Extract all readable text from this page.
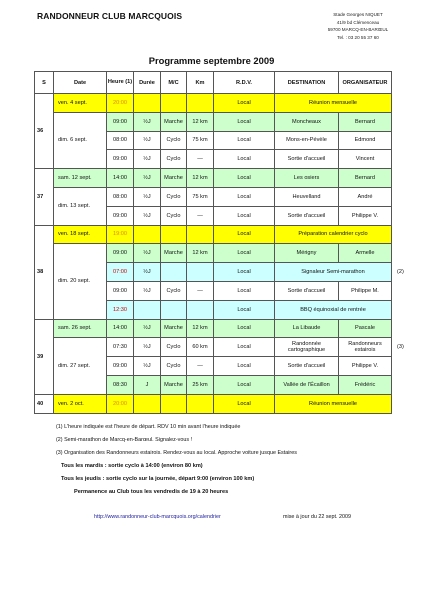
RANDONNEUR CLUB MARCQUOIS	Stade Georges NIQUET
41/9 bd Clémenceau
59700 MARCQ-EN-BARŒUL
Tel. : 03 20 55 37 60
Programme septembre 2009
S	Date	Heure (1)	Durée	M/C	Km	R.D.V.	DESTINATION	ORGANISATEUR
36	ven. 4 sept.	20:00				Local	Réunion mensuelle	
	dim. 6 sept.	09:00	½J	Marche	12 km	Local	Moncheaux	Bernard
		08:00	½J	Cyclo	75 km	Local	Mons-en-Pévèle	Edmond
		09:00	½J	Cyclo	—	Local	Sortie d'accueil	Vincent
37	sam. 12 sept.	14:00	½J	Marche	12 km	Local	Les osiers	Bernard
	dim. 13 sept.	08:00	½J	Cyclo	75 km	Local	Heuvelland	André
		09:00	½J	Cyclo	—	Local	Sortie d'accueil	Philippe V.
38	ven. 18 sept.	19:00				Local	Préparation calendrier cyclo	
	dim. 20 sept.	09:00	½J	Marche	12 km	Local	Mérigny	Armelle
		07:00	½J			Local	Signaleur Semi-marathon	
		09:00	½J	Cyclo	—	Local	Sortie d'accueil	Philippe M.
		12:30				Local	BBQ équinoxial de rentrée	
39	sam. 26 sept.	14:00	½J	Marche	12 km	Local	La Libaude	Pascale
	dim. 27 sept.	07:30	½J	Cyclo	60 km	Local	Randonnée cartographique	Randonneurs estairois
		09:00	½J	Cyclo	—	Local	Sortie d'accueil	Philippe V.
		08:30	J	Marche	25 km	Local	Vallée de l'Écaillon	Frédéric
40	ven. 2 oct.	20:00				Local	Réunion mensuelle	
(1) L'heure indiquée est l'heure de départ. RDV 10 min avant l'heure indiquée
(2) Semi-marathon de Marcq-en-Barœul. Signalez-vous !
(3) Organisation des Randonneurs estairois. Rendez-vous au local. Approche voiture jusque Estaires
Tous les mardis : sortie cyclo à 14:00 (environ 80 km)
Tous les jeudis : sortie cyclo sur la journée, départ 9:00 (environ 100 km)
Permanence au Club tous les vendredis de 19 à 20 heures
http://www.randonneur-club-marcquois.org/calendrier	mise à jour du 22 sept. 2009
(2)
(3)
